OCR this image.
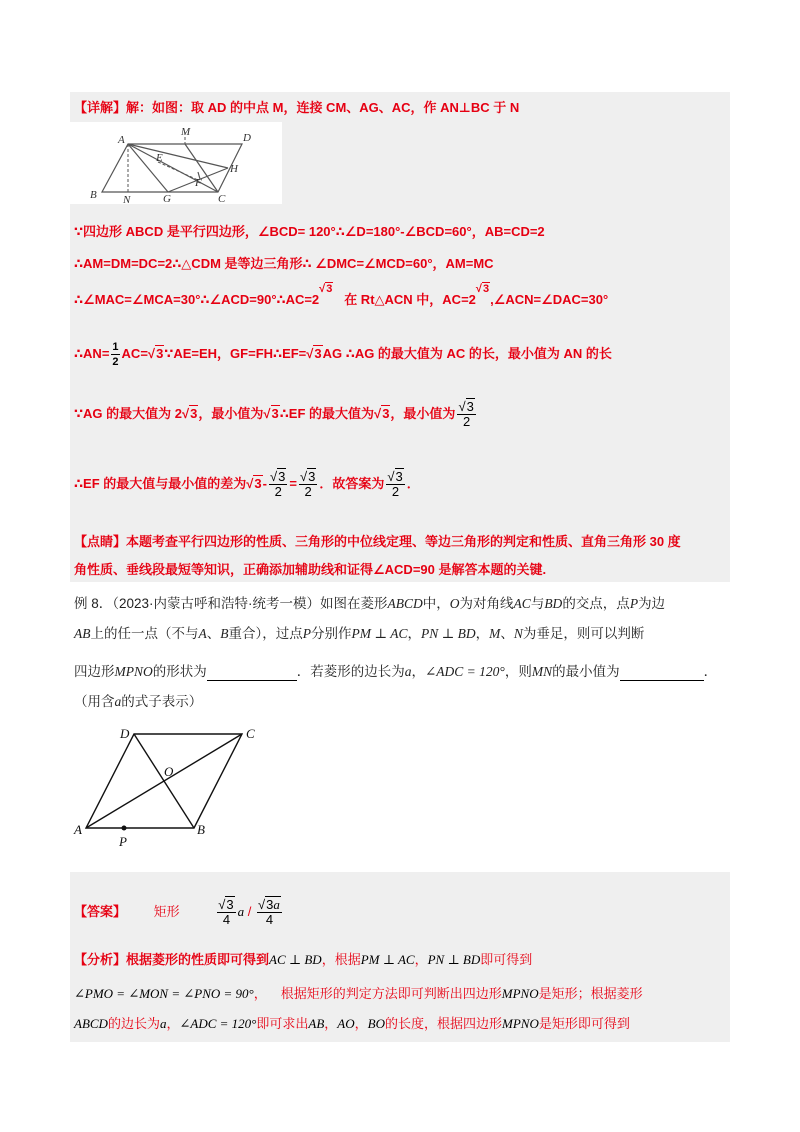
【详解】解：如图：取 AD 的中点 M，连接 CM、AG、AC，作 AN⊥BC 于 N
A
M	D
E
H
F
B	G	C
N
∵四边形 ABCD 是平行四边形，∠BCD= 120°∴∠D=180°-∠BCD=60°，AB=CD=2
∴AM=DM=DC=2∴△CDM 是等边三角形∴ ∠DMC=∠MCD=60°，AM=MC
$\therefore\angle MAC=\angle MCA=30^\circ\therefore\angle ACD=90^\circ\therefore AC=2^{√3}$   在 Rt△ACN 中，$AC=2^{√3},\angle ACN=\angle DAC=30^\circ$
∴AN= $\frac{1}{2}$ AC=√3∵AE=EH，GF=FH∴EF=√3AG ∴AG 的最大值为 AC 的长，最小值为 AN 的长
∵AG 的最大值为 2√3，最小值为√3∴EF 的最大值为√3，最小值为 $\frac{√3}{2}$
∴EF 的最大值与最小值的差为$√3- \frac{√3}{2} = \frac{√3}{2}$ ．故答案为 $\frac{√3}{2}$ ．
【点睛】本题考查平行四边形的性质、三角形的中位线定理、等边三角形的判定和性质、直角三角形 30 度
角性质、垂线段最短等知识，正确添加辅助线和证得∠ACD=90 是解答本题的关键.
例 8．（2023·内蒙古呼和浩特·统考一模）如图在菱形ABCD中，O为对角线AC与BD的交点，点P为边
AB上的任一点（不与A、B重合），过点P分别作PM ⊥ AC，PN ⊥ BD，M、N为垂足，则可以判断
四边形MPNO的形状为	．若菱形的边长为a，∠ADC = 120°，则MN的最小值为	．
（用含a的式子表示）
D	C
O
A	B
P
【答案】 矩形	$\frac{√3}{4}$ a / $\frac{√3a}{4}$
【分析】根据菱形的性质即可得到AC ⊥ BD，根据PM ⊥ AC，PN ⊥ BD即可得到
∠PMO = ∠MON = ∠PNO = 90°， 根据矩形的判定方法即可判断出四边形MPNO是矩形；根据菱形
ABCD的边长为a，∠ADC = 120°即可求出AB，AO，BO的长度，根据四边形MPNO是矩形即可得到
